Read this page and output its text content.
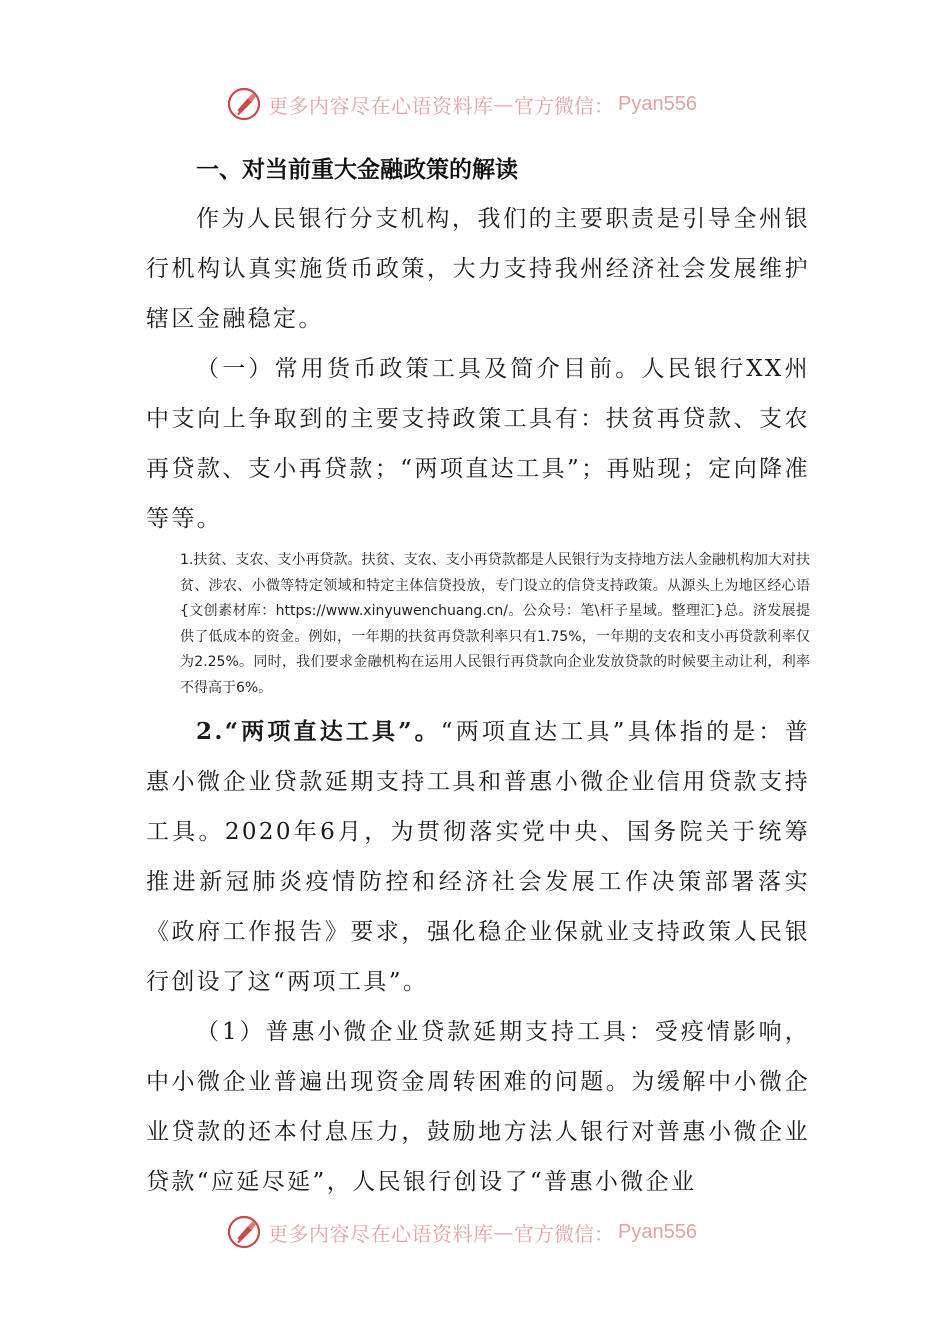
更多内容尽在心语资料库 — 官方微信： Pyan556
一、对当前重大金融政策的解读

作为人民银行分支机构，我们的主要职责是引导全州银行机构认真实施货币政策，大力支持我州经济社会发展维护辖区金融稳定。

（一）常用货币政策工具及简介目前。人民银行XX州中支向上争取到的主要支持政策工具有：扶贫再贷款、支农再贷款、支小再贷款；“两项直达工具”；再贴现；定向降准等等。

1.扶贫、支农、支小再贷款。扶贫、支农、支小再贷款都是人民银行为支持地方法人金融机构加大对扶贫、涉农、小微等特定领域和特定主体信贷投放，专门设立的信贷支持政策。从源头上为地区经心语{文创素材库：https://www.xinyuwenchuang.cn/。公众号：笔\杆子星域。整理汇}总。济发展提供了低成本的资金。例如，一年期的扶贫再贷款利率只有1.75%，一年期的支农和支小再贷款利率仅为2.25%。同时，我们要求金融机构在运用人民银行再贷款向企业发放贷款的时候要主动让利，利率不得高于6%。

2.“两项直达工具”。“两项直达工具”具体指的是：普惠小微企业贷款延期支持工具和普惠小微企业信用贷款支持工具。2020年6月，为贯彻落实党中央、国务院关于统筹推进新冠肺炎疫情防控和经济社会发展工作决策部署落实《政府工作报告》要求，强化稳企业保就业支持政策人民银行创设了这“两项工具”。

（1）普惠小微企业贷款延期支持工具：受疫情影响，中小微企业普遍出现资金周转困难的问题。为缓解中小微企业贷款的还本付息压力，鼓励地方法人银行对普惠小微企业贷款“应延尽延”，人民银行创设了“普惠小微企业

更多内容尽在心语资料库 — 官方微信： Pyan556
